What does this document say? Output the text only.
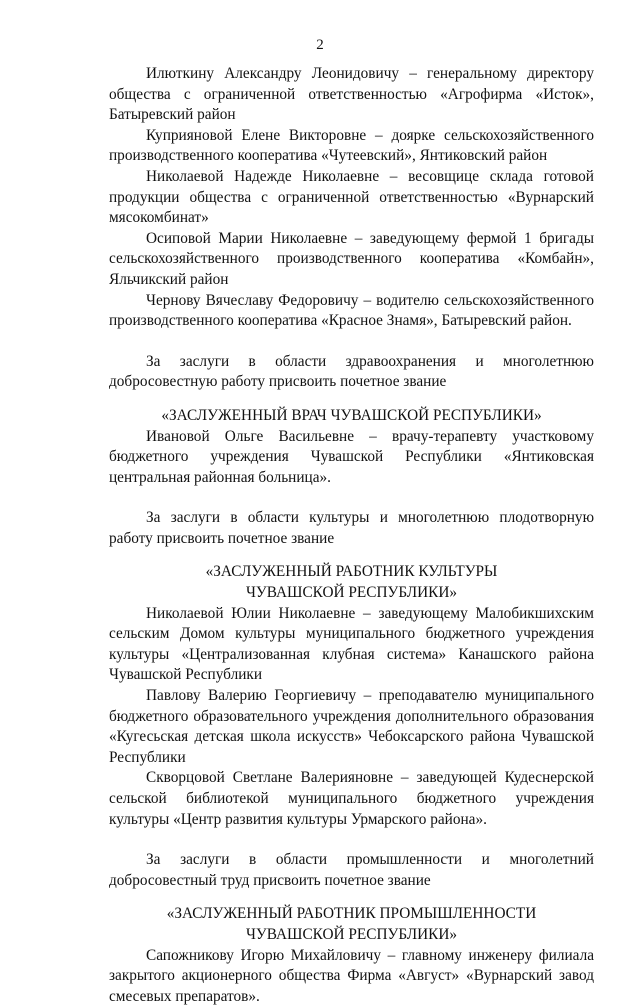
2

Илюткину Александру Леонидовичу – генеральному директору общества с ограниченной ответственностью «Агрофирма «Исток», Батыревский район

Куприяновой Елене Викторовне – доярке сельскохозяйственного производственного кооператива «Чутеевский», Янтиковский район

Николаевой Надежде Николаевне – весовщице склада готовой продукции общества с ограниченной ответственностью «Вурнарский мясокомбинат»

Осиповой Марии Николаевне – заведующему фермой 1 бригады сельскохозяйственного производственного кооператива «Комбайн», Яльчикский район

Чернову Вячеславу Федоровичу – водителю сельскохозяйственного производственного кооператива «Красное Знамя», Батыревский район.

За заслуги в области здравоохранения и многолетнюю добросовестную работу присвоить почетное звание

«ЗАСЛУЖЕННЫЙ ВРАЧ ЧУВАШСКОЙ РЕСПУБЛИКИ»

Ивановой Ольге Васильевне – врачу-терапевту участковому бюджетного учреждения Чувашской Республики «Янтиковская центральная районная больница».

За заслуги в области культуры и многолетнюю плодотворную работу присвоить почетное звание

«ЗАСЛУЖЕННЫЙ РАБОТНИК КУЛЬТУРЫ

ЧУВАШСКОЙ РЕСПУБЛИКИ»

Николаевой Юлии Николаевне – заведующему Малобикшихским сельским Домом культуры муниципального бюджетного учреждения культуры «Централизованная клубная система» Канашского района Чувашской Республики

Павлову Валерию Георгиевичу – преподавателю муниципального бюджетного образовательного учреждения дополнительного образования «Кугесьская детская школа искусств» Чебоксарского района Чувашской Республики

Скворцовой Светлане Валерияновне – заведующей Кудеснерской сельской библиотекой муниципального бюджетного учреждения культуры «Центр развития культуры Урмарского района».

За заслуги в области промышленности и многолетний добросовестный труд присвоить почетное звание

«ЗАСЛУЖЕННЫЙ РАБОТНИК ПРОМЫШЛЕННОСТИ

ЧУВАШСКОЙ РЕСПУБЛИКИ»

Сапожникову Игорю Михайловичу – главному инженеру филиала закрытого акционерного общества Фирма «Август» «Вурнарский завод смесевых препаратов».
